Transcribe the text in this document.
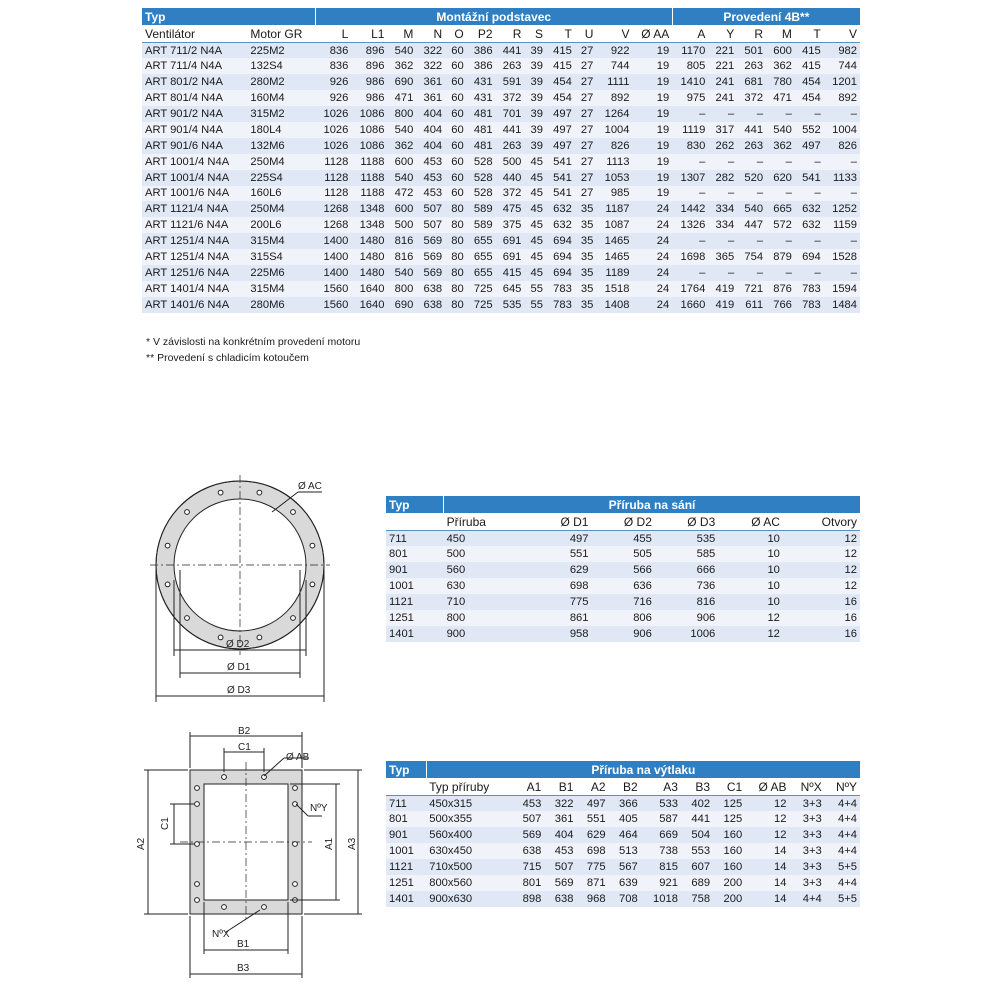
Typ		Montážní podstavec												Provedení 4B**					
Ventilátor	Motor GR	L	L1	M	N	O	P2	R	S	T	U	V	Ø AA	A	Y	R	M	T	V
ART 711/2 N4A	225M2	836	896	540	322	60	386	441	39	415	27	922	19	1170	221	501	600	415	982
ART 711/4 N4A	132S4	836	896	362	322	60	386	263	39	415	27	744	19	805	221	263	362	415	744
ART 801/2 N4A	280M2	926	986	690	361	60	431	591	39	454	27	1111	19	1410	241	681	780	454	1201
ART 801/4 N4A	160M4	926	986	471	361	60	431	372	39	454	27	892	19	975	241	372	471	454	892
ART 901/2 N4A	315M2	1026	1086	800	404	60	481	701	39	497	27	1264	19	–	–	–	–	–	–
ART 901/4 N4A	180L4	1026	1086	540	404	60	481	441	39	497	27	1004	19	1119	317	441	540	552	1004
ART 901/6 N4A	132M6	1026	1086	362	404	60	481	263	39	497	27	826	19	830	262	263	362	497	826
ART 1001/4 N4A	250M4	1128	1188	600	453	60	528	500	45	541	27	1113	19	–	–	–	–	–	–
ART 1001/4 N4A	225S4	1128	1188	540	453	60	528	440	45	541	27	1053	19	1307	282	520	620	541	1133
ART 1001/6 N4A	160L6	1128	1188	472	453	60	528	372	45	541	27	985	19	–	–	–	–	–	–
ART 1121/4 N4A	250M4	1268	1348	600	507	80	589	475	45	632	35	1187	24	1442	334	540	665	632	1252
ART 1121/6 N4A	200L6	1268	1348	500	507	80	589	375	45	632	35	1087	24	1326	334	447	572	632	1159
ART 1251/4 N4A	315M4	1400	1480	816	569	80	655	691	45	694	35	1465	24	–	–	–	–	–	–
ART 1251/4 N4A	315S4	1400	1480	816	569	80	655	691	45	694	35	1465	24	1698	365	754	879	694	1528
ART 1251/6 N4A	225M6	1400	1480	540	569	80	655	415	45	694	35	1189	24	–	–	–	–	–	–
ART 1401/4 N4A	315M4	1560	1640	800	638	80	725	645	55	783	35	1518	24	1764	419	721	876	783	1594
ART 1401/6 N4A	280M6	1560	1640	690	638	80	725	535	55	783	35	1408	24	1660	419	611	766	783	1484
* V závislosti na konkrétním provedení motoru
** Provedení s chladicím kotoučem
Ø AC
Ø D2
Ø D1
Ø D3
Typ	Příruba na sání					
	Příruba	Ø D1	Ø D2	Ø D3	Ø AC	Otvory
711	450	497	455	535	10	12
801	500	551	505	585	10	12
901	560	629	566	666	10	12
1001	630	698	636	736	10	12
1121	710	775	716	816	10	16
1251	800	861	806	906	12	16
1401	900	958	906	1006	12	16
B2
C1
Ø AB
C1
A2
NºY
A1 A3
NºX
B1
B3
Typ	Příruba na výtlaku										
	Typ příruby	A1	B1	A2	B2	A3	B3	C1	Ø AB	NºX	NºY
711	450x315	453	322	497	366	533	402	125	12	3+3	4+4
801	500x355	507	361	551	405	587	441	125	12	3+3	4+4
901	560x400	569	404	629	464	669	504	160	12	3+3	4+4
1001	630x450	638	453	698	513	738	553	160	14	3+3	4+4
1121	710x500	715	507	775	567	815	607	160	14	3+3	5+5
1251	800x560	801	569	871	639	921	689	200	14	3+3	4+4
1401	900x630	898	638	968	708	1018	758	200	14	4+4	5+5
